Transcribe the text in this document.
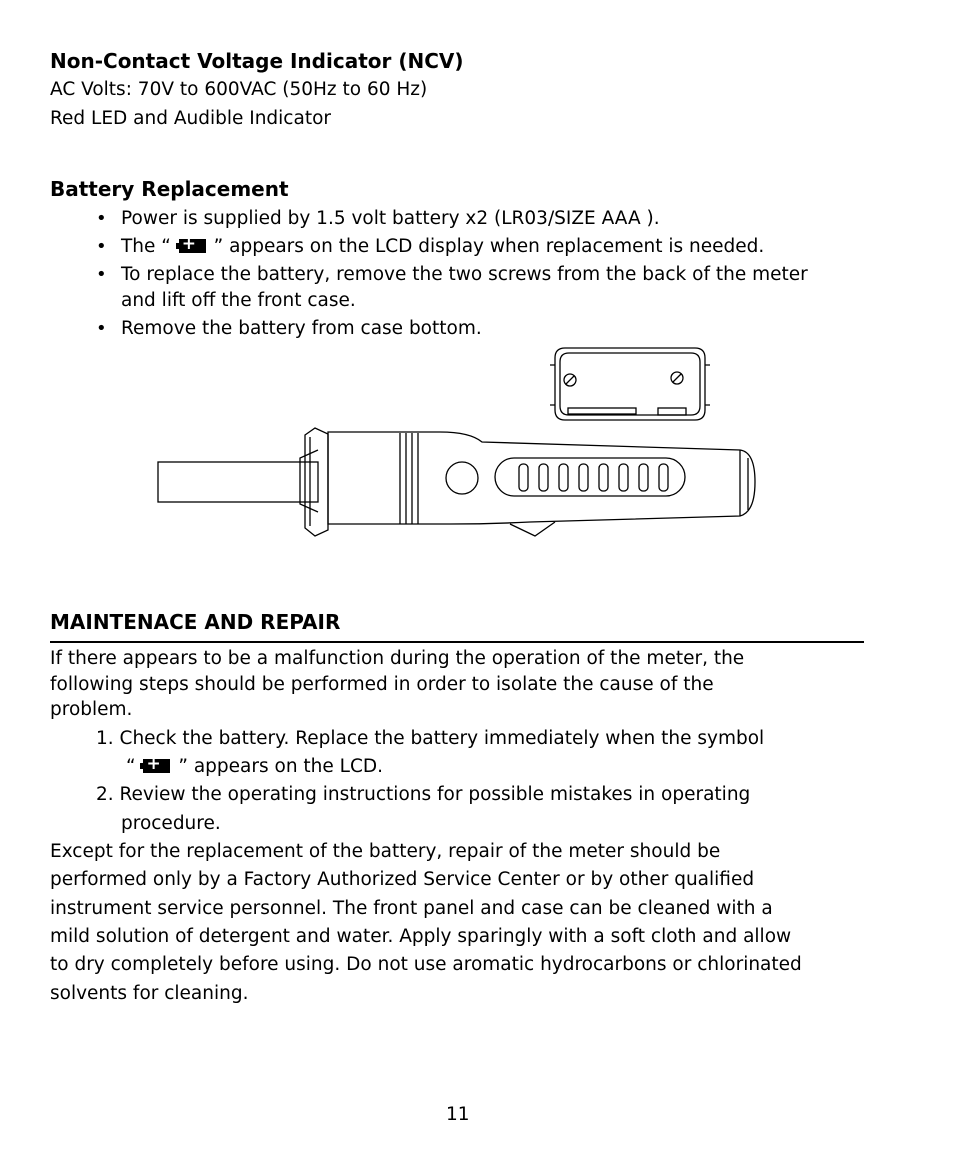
Non-Contact Voltage Indicator (NCV)
AC Volts: 70V to 600VAC (50Hz to 60 Hz)
Red LED and Audible Indicator
Battery Replacement
• Power is supplied by 1.5 volt battery x2 (LR03/SIZE AAA ).
• The “ + ” appears on the LCD display when replacement is needed.
• To replace the battery, remove the two screws from the back of the meter
and lift off the front case.
• Remove the battery from case bottom.
MAINTENACE AND REPAIR
If there appears to be a malfunction during the operation of the meter, the
following steps should be performed in order to isolate the cause of the
problem.
1. Check the battery. Replace the battery immediately when the symbol
“ + ” appears on the LCD.
2. Review the operating instructions for possible mistakes in operating
procedure.
Except for the replacement of the battery, repair of the meter should be
performed only by a Factory Authorized Service Center or by other qualified
instrument service personnel. The front panel and case can be cleaned with a
mild solution of detergent and water. Apply sparingly with a soft cloth and allow
to dry completely before using. Do not use aromatic hydrocarbons or chlorinated
solvents for cleaning.
11
